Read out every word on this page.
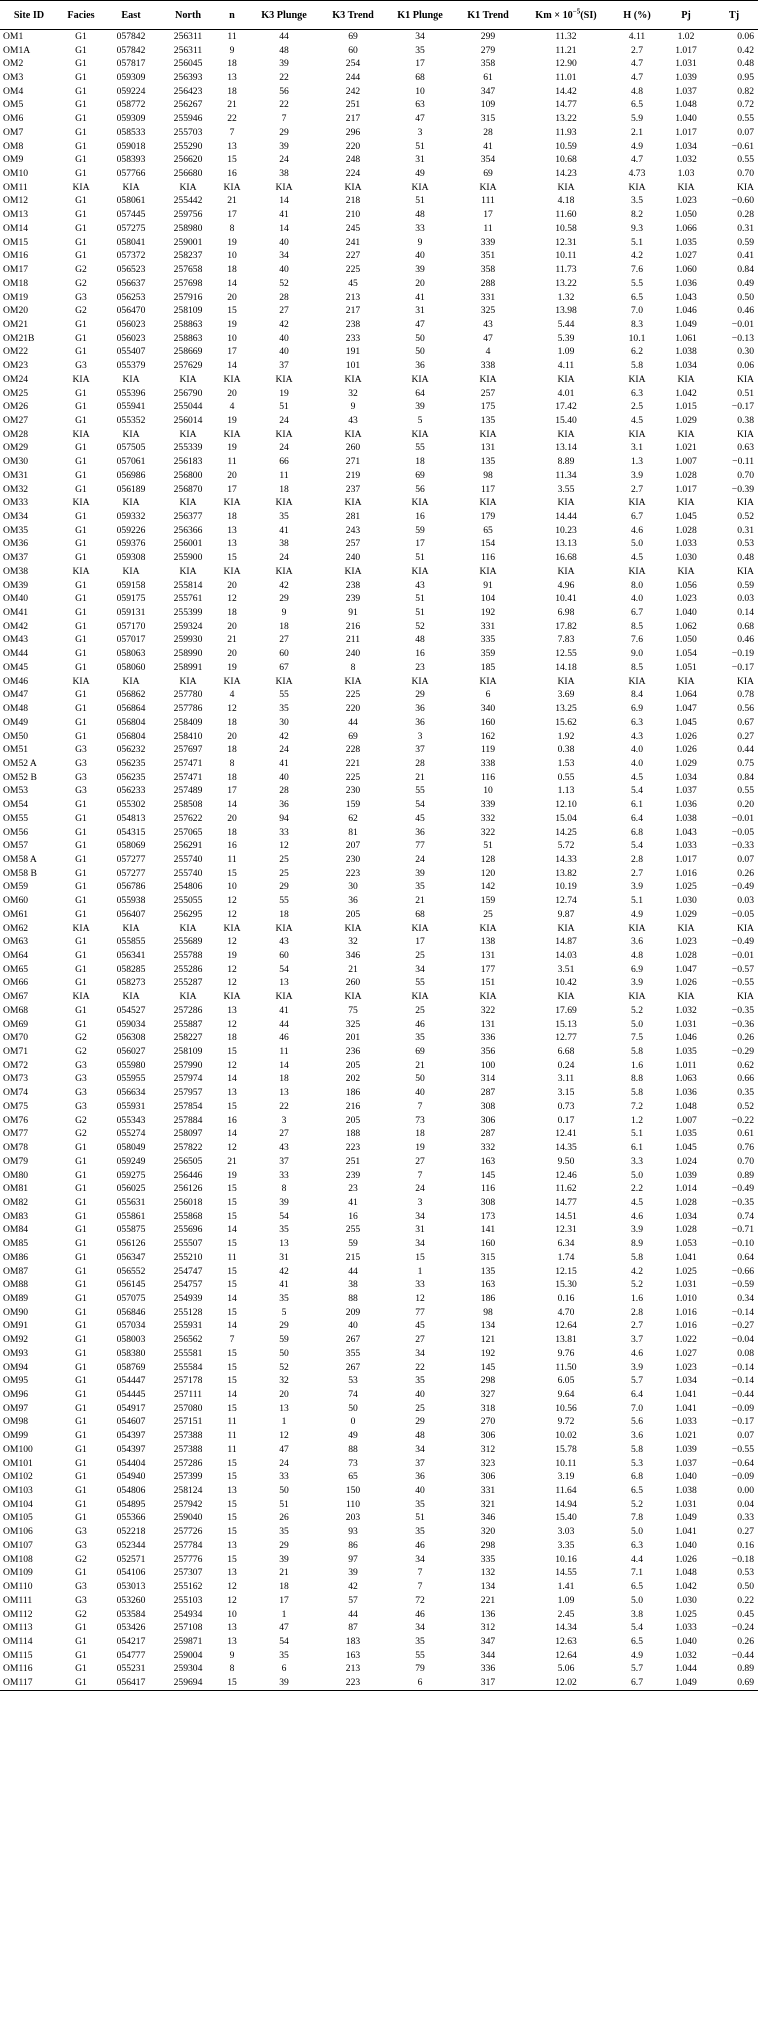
Site ID	Facies	East	North	n	K3 Plunge	K3 Trend	K1 Plunge	K1 Trend	$Km \times 10^{-5}(SI)$	H (%)	Pj	Tj
OM1	G1	057842	256311	11	44	69	34	299	11.32	4.11	1.02	0.06
OM1A	G1	057842	256311	9	48	60	35	279	11.21	2.7	1.017	0.42
OM2	G1	057817	256045	18	39	254	17	358	12.90	4.7	1.031	0.48
OM3	G1	059309	256393	13	22	244	68	61	11.01	4.7	1.039	0.95
OM4	G1	059224	256423	18	56	242	10	347	14.42	4.8	1.037	0.82
OM5	G1	058772	256267	21	22	251	63	109	14.77	6.5	1.048	0.72
OM6	G1	059309	255946	22	7	217	47	315	13.22	5.9	1.040	0.55
OM7	G1	058533	255703	7	29	296	3	28	11.93	2.1	1.017	0.07
OM8	G1	059018	255290	13	39	220	51	41	10.59	4.9	1.034	−0.61
OM9	G1	058393	256620	15	24	248	31	354	10.68	4.7	1.032	0.55
OM10	G1	057766	256680	16	38	224	49	69	14.23	4.73	1.03	0.70
OM11	KIA	KIA	KIA	KIA	KIA	KIA	KIA	KIA	KIA	KIA	KIA	KIA
OM12	G1	058061	255442	21	14	218	51	111	4.18	3.5	1.023	−0.60
OM13	G1	057445	259756	17	41	210	48	17	11.60	8.2	1.050	0.28
OM14	G1	057275	258980	8	14	245	33	11	10.58	9.3	1.066	0.31
OM15	G1	058041	259001	19	40	241	9	339	12.31	5.1	1.035	0.59
OM16	G1	057372	258237	10	34	227	40	351	10.11	4.2	1.027	0.41
OM17	G2	056523	257658	18	40	225	39	358	11.73	7.6	1.060	0.84
OM18	G2	056637	257698	14	52	45	20	288	13.22	5.5	1.036	0.49
OM19	G3	056253	257916	20	28	213	41	331	1.32	6.5	1.043	0.50
OM20	G2	056470	258109	15	27	217	31	325	13.98	7.0	1.046	0.46
OM21	G1	056023	258863	19	42	238	47	43	5.44	8.3	1.049	−0.01
OM21B	G1	056023	258863	10	40	233	50	47	5.39	10.1	1.061	−0.13
OM22	G1	055407	258669	17	40	191	50	4	1.09	6.2	1.038	0.30
OM23	G3	055379	257629	14	37	101	36	338	4.11	5.8	1.034	0.06
OM24	KIA	KIA	KIA	KIA	KIA	KIA	KIA	KIA	KIA	KIA	KIA	KIA
OM25	G1	055396	256790	20	19	32	64	257	4.01	6.3	1.042	0.51
OM26	G1	055941	255044	4	51	9	39	175	17.42	2.5	1.015	−0.17
OM27	G1	055352	256014	19	24	43	5	135	15.40	4.5	1.029	0.38
OM28	KIA	KIA	KIA	KIA	KIA	KIA	KIA	KIA	KIA	KIA	KIA	KIA
OM29	G1	057505	255339	19	24	260	55	131	13.14	3.1	1.021	0.63
OM30	G1	057061	256183	11	66	271	18	135	8.89	1.3	1.007	−0.11
OM31	G1	056986	256800	20	11	219	69	98	11.34	3.9	1.028	0.70
OM32	G1	056189	256870	17	18	237	56	117	3.55	2.7	1.017	−0.39
OM33	KIA	KIA	KIA	KIA	KIA	KIA	KIA	KIA	KIA	KIA	KIA	KIA
OM34	G1	059332	256377	18	35	281	16	179	14.44	6.7	1.045	0.52
OM35	G1	059226	256366	13	41	243	59	65	10.23	4.6	1.028	0.31
OM36	G1	059376	256001	13	38	257	17	154	13.13	5.0	1.033	0.53
OM37	G1	059308	255900	15	24	240	51	116	16.68	4.5	1.030	0.48
OM38	KIA	KIA	KIA	KIA	KIA	KIA	KIA	KIA	KIA	KIA	KIA	KIA
OM39	G1	059158	255814	20	42	238	43	91	4.96	8.0	1.056	0.59
OM40	G1	059175	255761	12	29	239	51	104	10.41	4.0	1.023	0.03
OM41	G1	059131	255399	18	9	91	51	192	6.98	6.7	1.040	0.14
OM42	G1	057170	259324	20	18	216	52	331	17.82	8.5	1.062	0.68
OM43	G1	057017	259930	21	27	211	48	335	7.83	7.6	1.050	0.46
OM44	G1	058063	258990	20	60	240	16	359	12.55	9.0	1.054	−0.19
OM45	G1	058060	258991	19	67	8	23	185	14.18	8.5	1.051	−0.17
OM46	KIA	KIA	KIA	KIA	KIA	KIA	KIA	KIA	KIA	KIA	KIA	KIA
OM47	G1	056862	257780	4	55	225	29	6	3.69	8.4	1.064	0.78
OM48	G1	056864	257786	12	35	220	36	340	13.25	6.9	1.047	0.56
OM49	G1	056804	258409	18	30	44	36	160	15.62	6.3	1.045	0.67
OM50	G1	056804	258410	20	42	69	3	162	1.92	4.3	1.026	0.27
OM51	G3	056232	257697	18	24	228	37	119	0.38	4.0	1.026	0.44
OM52 A	G3	056235	257471	8	41	221	28	338	1.53	4.0	1.029	0.75
OM52 B	G3	056235	257471	18	40	225	21	116	0.55	4.5	1.034	0.84
OM53	G3	056233	257489	17	28	230	55	10	1.13	5.4	1.037	0.55
OM54	G1	055302	258508	14	36	159	54	339	12.10	6.1	1.036	0.20
OM55	G1	054813	257622	20	94	62	45	332	15.04	6.4	1.038	−0.01
OM56	G1	054315	257065	18	33	81	36	322	14.25	6.8	1.043	−0.05
OM57	G1	058069	256291	16	12	207	77	51	5.72	5.4	1.033	−0.33
OM58 A	G1	057277	255740	11	25	230	24	128	14.33	2.8	1.017	0.07
OM58 B	G1	057277	255740	15	25	223	39	120	13.82	2.7	1.016	0.26
OM59	G1	056786	254806	10	29	30	35	142	10.19	3.9	1.025	−0.49
OM60	G1	055938	255055	12	55	36	21	159	12.74	5.1	1.030	0.03
OM61	G1	056407	256295	12	18	205	68	25	9.87	4.9	1.029	−0.05
OM62	KIA	KIA	KIA	KIA	KIA	KIA	KIA	KIA	KIA	KIA	KIA	KIA
OM63	G1	055855	255689	12	43	32	17	138	14.87	3.6	1.023	−0.49
OM64	G1	056341	255788	19	60	346	25	131	14.03	4.8	1.028	−0.01
OM65	G1	058285	255286	12	54	21	34	177	3.51	6.9	1.047	−0.57
OM66	G1	058273	255287	12	13	260	55	151	10.42	3.9	1.026	−0.55
OM67	KIA	KIA	KIA	KIA	KIA	KIA	KIA	KIA	KIA	KIA	KIA	KIA
OM68	G1	054527	257286	13	41	75	25	322	17.69	5.2	1.032	−0.35
OM69	G1	059034	255887	12	44	325	46	131	15.13	5.0	1.031	−0.36
OM70	G2	056308	258227	18	46	201	35	336	12.77	7.5	1.046	0.26
OM71	G2	056027	258109	15	11	236	69	356	6.68	5.8	1.035	−0.29
OM72	G3	055980	257990	12	14	205	21	100	0.24	1.6	1.011	0.62
OM73	G3	055955	257974	14	18	202	50	314	3.11	8.8	1.063	0.66
OM74	G3	056634	257957	13	13	186	40	287	3.15	5.8	1.036	0.35
OM75	G3	055931	257854	15	22	216	7	308	0.73	7.2	1.048	0.52
OM76	G2	055343	257884	16	3	205	73	306	0.17	1.2	1.007	−0.22
OM77	G2	055274	258097	14	27	188	18	287	12.41	5.1	1.035	0.61
OM78	G1	058049	257822	12	43	223	19	332	14.35	6.1	1.045	0.76
OM79	G1	059249	256505	21	37	251	27	163	9.50	3.3	1.024	0.70
OM80	G1	059275	256446	19	33	239	7	145	12.46	5.0	1.039	0.89
OM81	G1	056025	256126	15	8	23	24	116	11.62	2.2	1.014	−0.49
OM82	G1	055631	256018	15	39	41	3	308	14.77	4.5	1.028	−0.35
OM83	G1	055861	255868	15	54	16	34	173	14.51	4.6	1.034	0.74
OM84	G1	055875	255696	14	35	255	31	141	12.31	3.9	1.028	−0.71
OM85	G1	056126	255507	15	13	59	34	160	6.34	8.9	1.053	−0.10
OM86	G1	056347	255210	11	31	215	15	315	1.74	5.8	1.041	0.64
OM87	G1	056552	254747	15	42	44	1	135	12.15	4.2	1.025	−0.66
OM88	G1	056145	254757	15	41	38	33	163	15.30	5.2	1.031	−0.59
OM89	G1	057075	254939	14	35	88	12	186	0.16	1.6	1.010	0.34
OM90	G1	056846	255128	15	5	209	77	98	4.70	2.8	1.016	−0.14
OM91	G1	057034	255931	14	29	40	45	134	12.64	2.7	1.016	−0.27
OM92	G1	058003	256562	7	59	267	27	121	13.81	3.7	1.022	−0.04
OM93	G1	058380	255581	15	50	355	34	192	9.76	4.6	1.027	0.08
OM94	G1	058769	255584	15	52	267	22	145	11.50	3.9	1.023	−0.14
OM95	G1	054447	257178	15	32	53	35	298	6.05	5.7	1.034	−0.14
OM96	G1	054445	257111	14	20	74	40	327	9.64	6.4	1.041	−0.44
OM97	G1	054917	257080	15	13	50	25	318	10.56	7.0	1.041	−0.09
OM98	G1	054607	257151	11	1	0	29	270	9.72	5.6	1.033	−0.17
OM99	G1	054397	257388	11	12	49	48	306	10.02	3.6	1.021	0.07
OM100	G1	054397	257388	11	47	88	34	312	15.78	5.8	1.039	−0.55
OM101	G1	054404	257286	15	24	73	37	323	10.11	5.3	1.037	−0.64
OM102	G1	054940	257399	15	33	65	36	306	3.19	6.8	1.040	−0.09
OM103	G1	054806	258124	13	50	150	40	331	11.64	6.5	1.038	0.00
OM104	G1	054895	257942	15	51	110	35	321	14.94	5.2	1.031	0.04
OM105	G1	055366	259040	15	26	203	51	346	15.40	7.8	1.049	0.33
OM106	G3	052218	257726	15	35	93	35	320	3.03	5.0	1.041	0.27
OM107	G3	052344	257784	13	29	86	46	298	3.35	6.3	1.040	0.16
OM108	G2	052571	257776	15	39	97	34	335	10.16	4.4	1.026	−0.18
OM109	G1	054106	257307	13	21	39	7	132	14.55	7.1	1.048	0.53
OM110	G3	053013	255162	12	18	42	7	134	1.41	6.5	1.042	0.50
OM111	G3	053260	255103	12	17	57	72	221	1.09	5.0	1.030	0.22
OM112	G2	053584	254934	10	1	44	46	136	2.45	3.8	1.025	0.45
OM113	G1	053426	257108	13	47	87	34	312	14.34	5.4	1.033	−0.24
OM114	G1	054217	259871	13	54	183	35	347	12.63	6.5	1.040	0.26
OM115	G1	054777	259004	9	35	163	55	344	12.64	4.9	1.032	−0.44
OM116	G1	055231	259304	8	6	213	79	336	5.06	5.7	1.044	0.89
OM117	G1	056417	259694	15	39	223	6	317	12.02	6.7	1.049	0.69
